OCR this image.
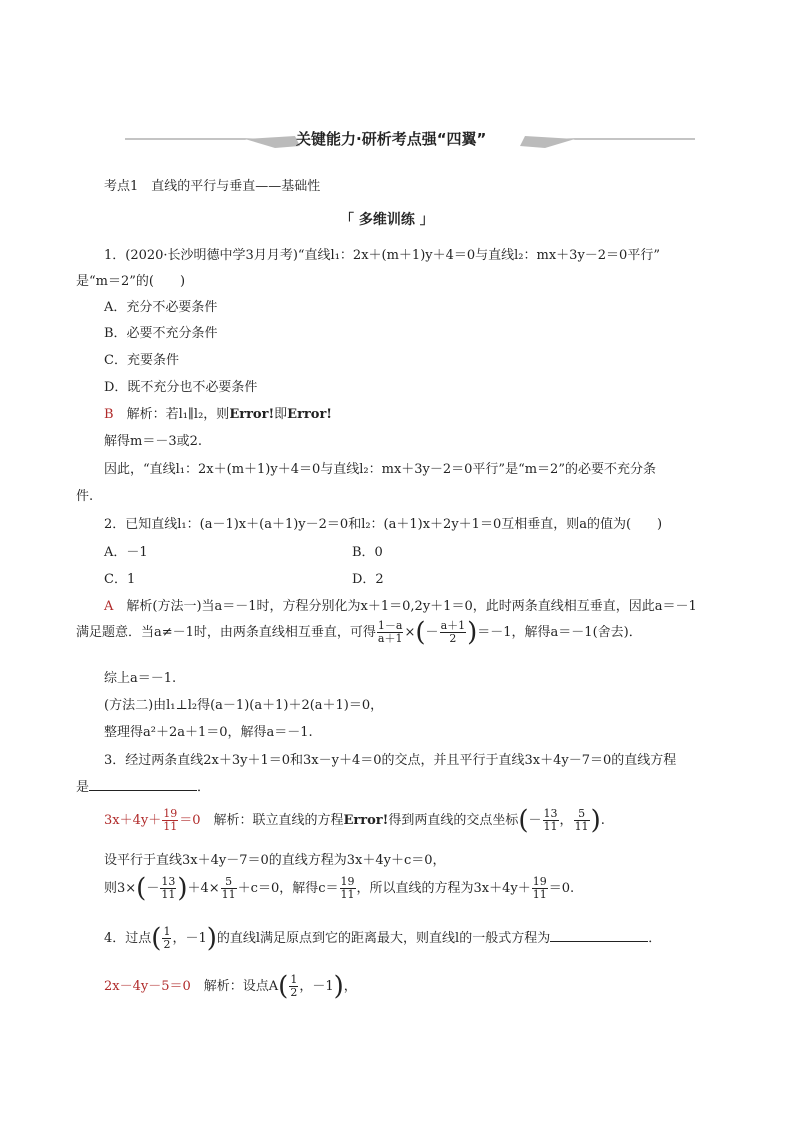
关键能力·研析考点强“四翼”
考点1　直线的平行与垂直——基础性
「 多维训练 」
1．(2020·长沙明德中学3月月考)“直线l₁：2x＋(m＋1)y＋4＝0与直线l₂：mx＋3y－2＝0平行”
是“m＝2”的(　　)
A．充分不必要条件
B．必要不充分条件
C．充要条件
D．既不充分也不必要条件
B　解析：若l₁∥l₂，则Error!即Error!
解得m＝－3或2.
因此，“直线l₁：2x＋(m＋1)y＋4＝0与直线l₂：mx＋3y－2＝0平行”是“m＝2”的必要不充分条
件.
2．已知直线l₁：(a－1)x＋(a＋1)y－2＝0和l₂：(a＋1)x＋2y＋1＝0互相垂直，则a的值为(　　)
A．－1	B．0
C．1	D．2
A　解析(方法一)当a＝－1时，方程分别化为x＋1＝0,2y＋1＝0，此时两条直线相互垂直，因此a＝－1
满足题意．当a≠－1时，由两条直线相互垂直，可得 $\frac{1-a}{a+1}$ ×(－ $\frac{a+1}{2} )=-1$，解得a＝－1(舍去)．
综上a＝－1.
(方法二)由l₁⊥l₂得(a－1)(a＋1)＋2(a＋1)＝0，
整理得a²＋2a＋1＝0，解得a＝－1.
3．经过两条直线2x＋3y＋1＝0和3x－y＋4＝0的交点，并且平行于直线3x＋4y－7＝0的直线方程
是	．
$3x+4y+ \frac{19}{11} =0$　解析：联立直线的方程Error!得到两直线的交点坐标(－ $\frac{13}{11}$ ， $\frac{5}{11}$ ).
设平行于直线3x＋4y－7＝0的直线方程为3x＋4y＋c＝0，
则$3\times(- \frac{13}{11} )+4\times \frac{5}{11} +c=0$，解得$c= \frac{19}{11}$ ，所以直线的方程为$3x+4y+ \frac{19}{11} =0$.
4．过点( $\frac{1}{2}$ ，－1)的直线l满足原点到它的距离最大，则直线l的一般式方程为	．
2x－4y－5＝0　解析：设点$A( \frac{1}{2}$ ，－1)，
